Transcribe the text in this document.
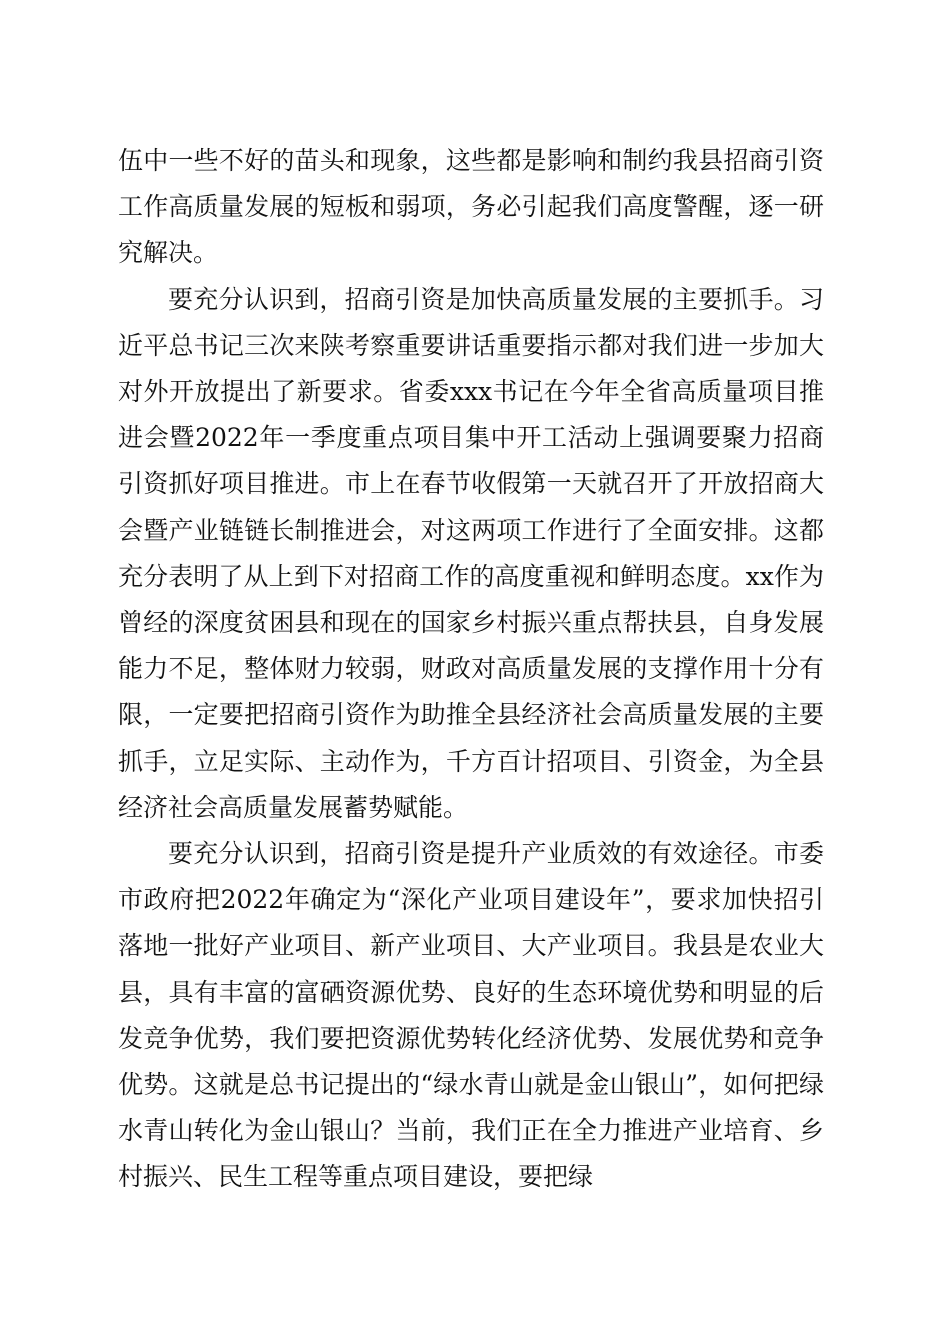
伍中一些不好的苗头和现象，这些都是影响和制约我县招商引资工作高质量发展的短板和弱项，务必引起我们高度警醒，逐一研究解决。

要充分认识到，招商引资是加快高质量发展的主要抓手。习近平总书记三次来陕考察重要讲话重要指示都对我们进一步加大对外开放提出了新要求。省委xxx书记在今年全省高质量项目推进会暨2022年一季度重点项目集中开工活动上强调要聚力招商引资抓好项目推进。市上在春节收假第一天就召开了开放招商大会暨产业链链长制推进会，对这两项工作进行了全面安排。这都充分表明了从上到下对招商工作的高度重视和鲜明态度。xx作为曾经的深度贫困县和现在的国家乡村振兴重点帮扶县，自身发展能力不足，整体财力较弱，财政对高质量发展的支撑作用十分有限，一定要把招商引资作为助推全县经济社会高质量发展的主要抓手，立足实际、主动作为，千方百计招项目、引资金，为全县经济社会高质量发展蓄势赋能。

要充分认识到，招商引资是提升产业质效的有效途径。市委市政府把2022年确定为“深化产业项目建设年”，要求加快招引落地一批好产业项目、新产业项目、大产业项目。我县是农业大县，具有丰富的富硒资源优势、良好的生态环境优势和明显的后发竞争优势，我们要把资源优势转化经济优势、发展优势和竞争优势。这就是总书记提出的“绿水青山就是金山银山”，如何把绿水青山转化为金山银山？当前，我们正在全力推进产业培育、乡村振兴、民生工程等重点项目建设，要把绿
